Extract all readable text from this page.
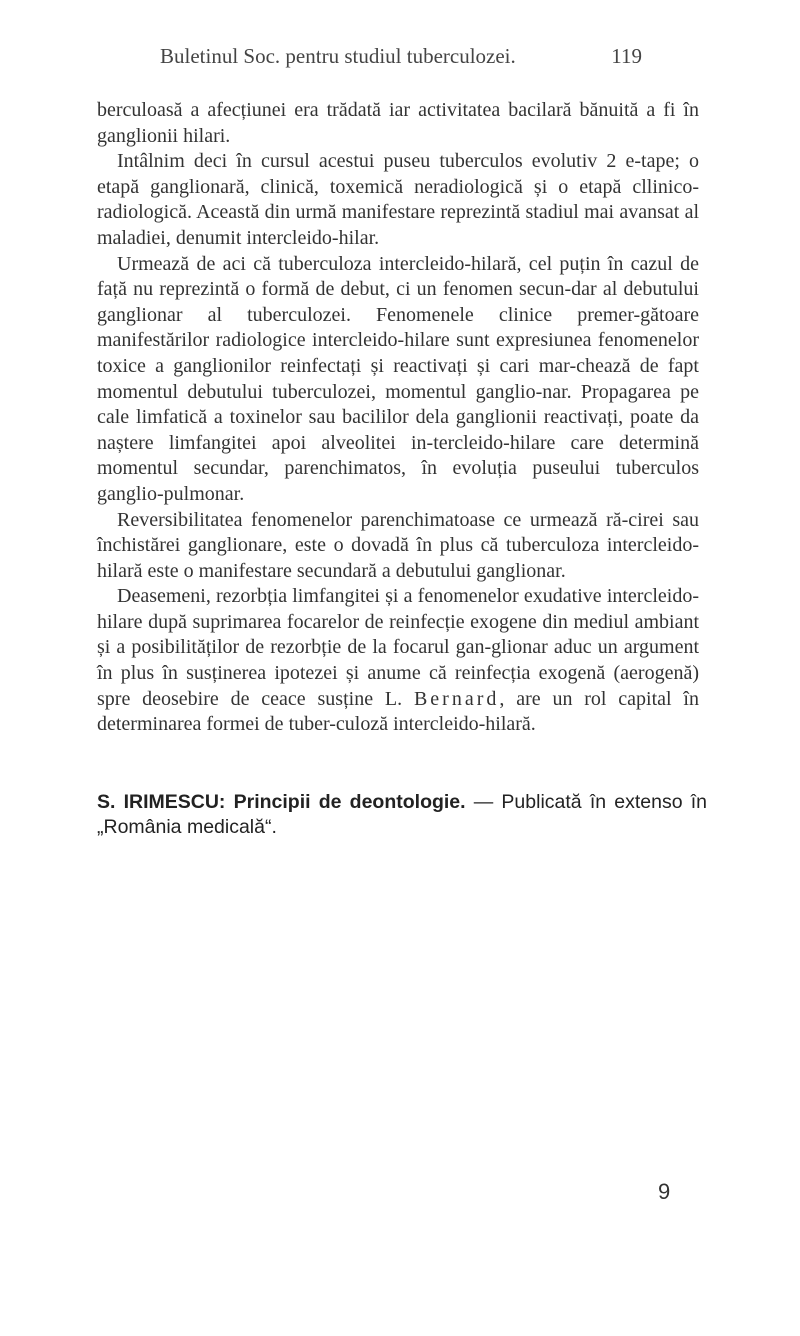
Buletinul Soc. pentru studiul tuberculozei.	119

berculoasă a afecțiunei era trădată iar activitatea bacilară bănuită a fi în ganglionii hilari.

Intâlnim deci în cursul acestui puseu tuberculos evolutiv 2 e-tape; o etapă ganglionară, clinică, toxemică neradiologică și o etapă cllinico-radiologică. Această din urmă manifestare reprezintă stadiul mai avansat al maladiei, denumit intercleido-hilar.

Urmează de aci că tuberculoza intercleido-hilară, cel puțin în cazul de față nu reprezintă o formă de debut, ci un fenomen secun-dar al debutului ganglionar al tuberculozei. Fenomenele clinice premer-gătoare manifestărilor radiologice intercleido-hilare sunt expresiunea fenomenelor toxice a ganglionilor reinfectați și reactivați și cari mar-chează de fapt momentul debutului tuberculozei, momentul ganglio-nar. Propagarea pe cale limfatică a toxinelor sau bacililor dela ganglionii reactivați, poate da naștere limfangitei apoi alveolitei in-tercleido-hilare care determină momentul secundar, parenchimatos, în evoluția puseului tuberculos ganglio-pulmonar.

Reversibilitatea fenomenelor parenchimatoase ce urmează ră-cirei sau închistărei ganglionare, este o dovadă în plus că tuberculoza intercleido-hilară este o manifestare secundară a debutului ganglionar.

Deasemeni, rezorbția limfangitei și a fenomenelor exudative intercleido-hilare după suprimarea focarelor de reinfecție exogene din mediul ambiant și a posibilităților de rezorbție de la focarul gan-glionar aduc un argument în plus în susținerea ipotezei și anume că reinfecția exogenă (aerogenă) spre deosebire de ceace susține L. Bernard, are un rol capital în determinarea formei de tuber-culoză intercleido-hilară.

S. IRIMESCU: Principii de deontologie. — Publicată în extenso în „România medicală“.
9
